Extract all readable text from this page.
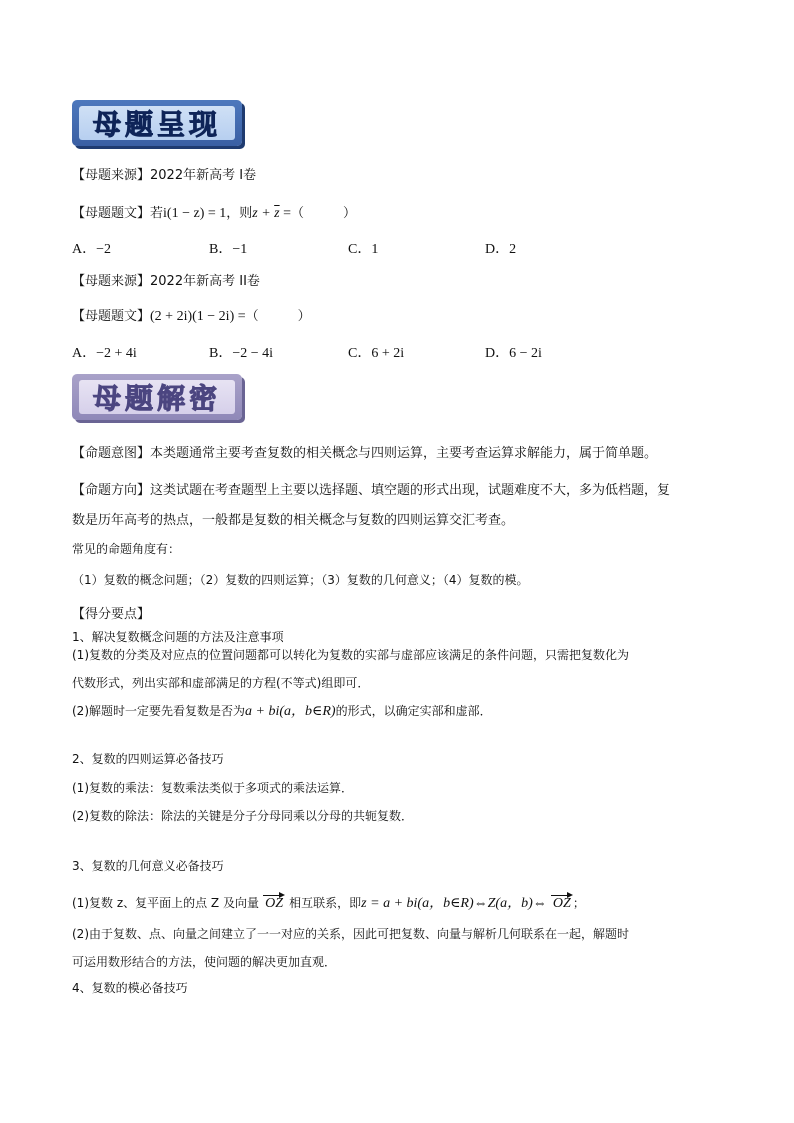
母题呈现
【母题来源】2022年新高考 I卷
【母题题文】若i(1 − z) = 1，则$z + \overline{z}$ =（　　　）
A．−2	B．−1	C．1	D．2
【母题来源】2022年新高考 II卷
【母题题文】(2 + 2i)(1 − 2i) =（　　　）
A．−2 + 4i	B．−2 − 4i	C．6 + 2i	D．6 − 2i
母题解密
【命题意图】本类题通常主要考查复数的相关概念与四则运算，主要考查运算求解能力，属于简单题。
【命题方向】这类试题在考查题型上主要以选择题、填空题的形式出现，试题难度不大，多为低档题，复
数是历年高考的热点，一般都是复数的相关概念与复数的四则运算交汇考查。
常见的命题角度有：
（1）复数的概念问题；（2）复数的四则运算；（3）复数的几何意义；（4）复数的模。
【得分要点】
1、解决复数概念问题的方法及注意事项
(1)复数的分类及对应点的位置问题都可以转化为复数的实部与虚部应该满足的条件问题，只需把复数化为
代数形式，列出实部和虚部满足的方程(不等式)组即可．
(2)解题时一定要先看复数是否为a + bi(a，b∈R)的形式，以确定实部和虚部．
2、复数的四则运算必备技巧
(1)复数的乘法：复数乘法类似于多项式的乘法运算．
(2)复数的除法：除法的关键是分子分母同乘以分母的共轭复数．
3、复数的几何意义必备技巧
(1)复数 z、复平面上的点 Z 及向量 OZ 相互联系，即z = a + bi(a，b∈R)⇔Z(a，b)⇔ OZ ；
(2)由于复数、点、向量之间建立了一一对应的关系，因此可把复数、向量与解析几何联系在一起，解题时
可运用数形结合的方法，使问题的解决更加直观．
4、复数的模必备技巧
